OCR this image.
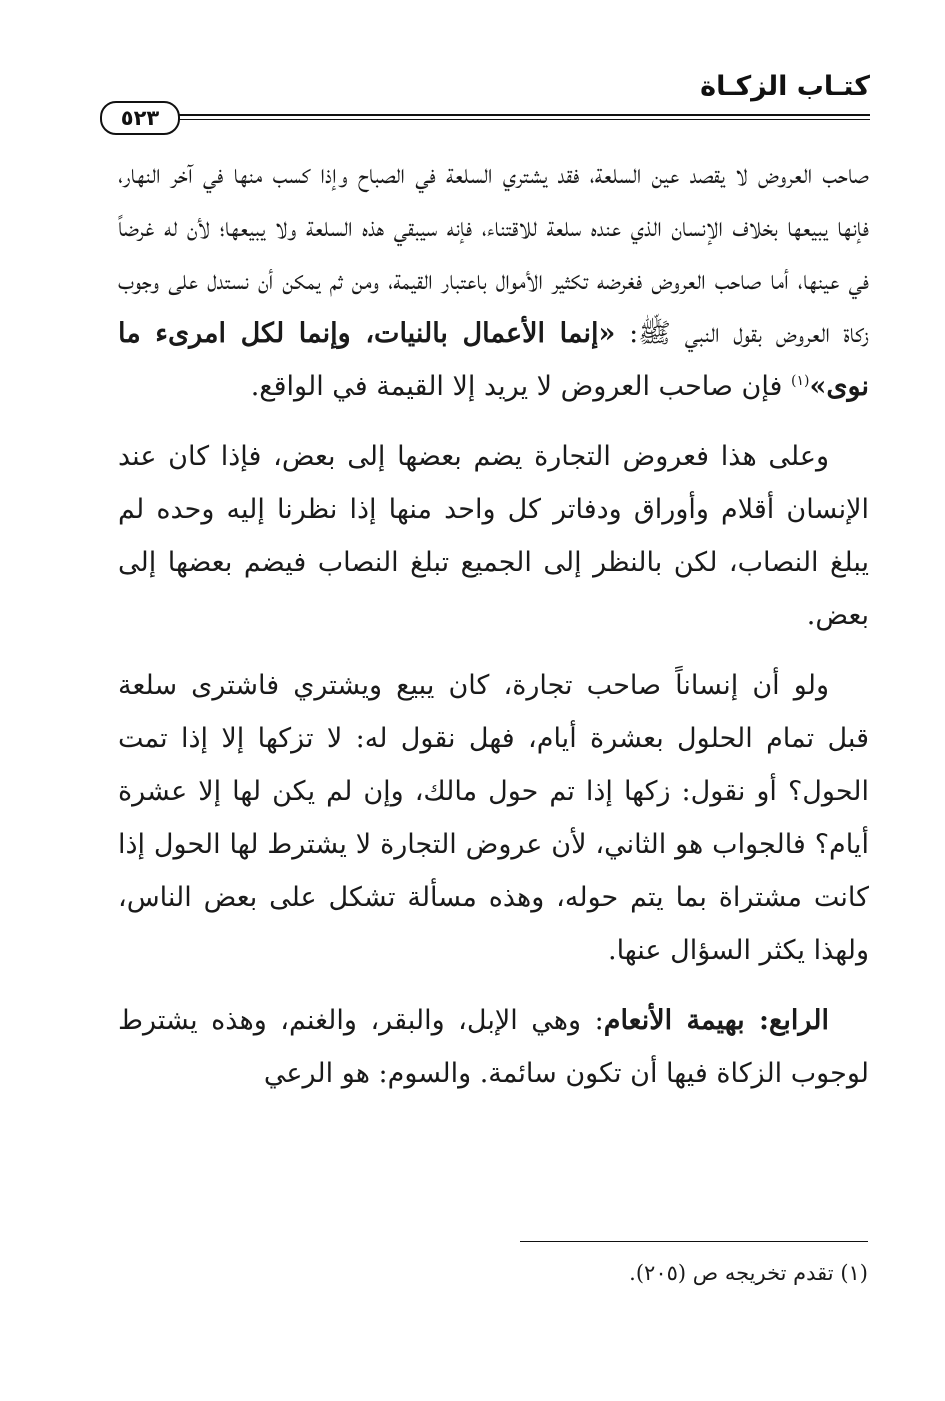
كتـاب الزكـاة
٥٢٣

صاحب العروض لا يقصد عين السلعة، فقد يشتري السلعة في الصباح وإذا كسب منها في آخر النهار، فإنها يبيعها بخلاف الإنسان الذي عنده سلعة للاقتناء، فإنه سيبقي هذه السلعة ولا يبيعها؛ لأن له غرضاً في عينها، أما صاحب العروض فغرضه تكثير الأموال باعتبار القيمة، ومن ثم يمكن أن نستدل على وجوب زكاة العروض بقول النبي ﷺ: «إنما الأعمال بالنيات، وإنما لكل امرىء ما نوى»$^{(١)}$ فإن صاحب العروض لا يريد إلا القيمة في الواقع.

وعلى هذا فعروض التجارة يضم بعضها إلى بعض، فإذا كان عند الإنسان أقلام وأوراق ودفاتر كل واحد منها إذا نظرنا إليه وحده لم يبلغ النصاب، لكن بالنظر إلى الجميع تبلغ النصاب فيضم بعضها إلى بعض.

ولو أن إنساناً صاحب تجارة، كان يبيع ويشتري فاشترى سلعة قبل تمام الحلول بعشرة أيام، فهل نقول له: لا تزكها إلا إذا تمت الحول؟ أو نقول: زكها إذا تم حول مالك، وإن لم يكن لها إلا عشرة أيام؟ فالجواب هو الثاني، لأن عروض التجارة لا يشترط لها الحول إذا كانت مشتراة بما يتم حوله، وهذه مسألة تشكل على بعض الناس، ولهذا يكثر السؤال عنها.

الرابع: بهيمة الأنعام: وهي الإبل، والبقر، والغنم، وهذه يشترط لوجوب الزكاة فيها أن تكون سائمة. والسوم: هو الرعي

(١) تقدم تخريجه ص (٢٠٥).
